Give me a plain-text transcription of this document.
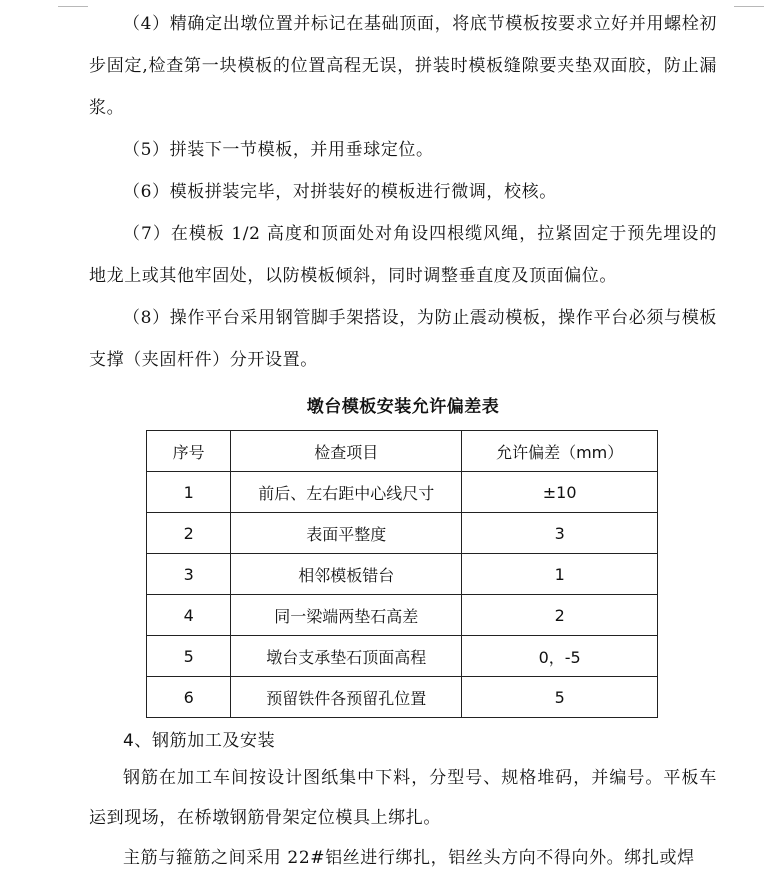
（4）精确定出墩位置并标记在基础顶面，将底节模板按要求立好并用螺栓初步固定,检查第一块模板的位置高程无误，拼装时模板缝隙要夹垫双面胶，防止漏浆。

（5）拼装下一节模板，并用垂球定位。

（6）模板拼装完毕，对拼装好的模板进行微调，校核。

（7）在模板 1/2 高度和顶面处对角设四根缆风绳，拉紧固定于预先埋设的地龙上或其他牢固处，以防模板倾斜，同时调整垂直度及顶面偏位。

（8）操作平台采用钢管脚手架搭设，为防止震动模板，操作平台必须与模板支撑（夹固杆件）分开设置。

墩台模板安装允许偏差表
序号	检查项目	允许偏差（mm）
1	前后、左右距中心线尺寸	±10
2	表面平整度	3
3	相邻模板错台	1
4	同一梁端两垫石高差	2
5	墩台支承垫石顶面高程	0，-5
6	预留铁件各预留孔位置	5
4、钢筋加工及安装

钢筋在加工车间按设计图纸集中下料，分型号、规格堆码，并编号。平板车运到现场，在桥墩钢筋骨架定位模具上绑扎。

主筋与箍筋之间采用 22#铝丝进行绑扎，铝丝头方向不得向外。绑扎或焊
